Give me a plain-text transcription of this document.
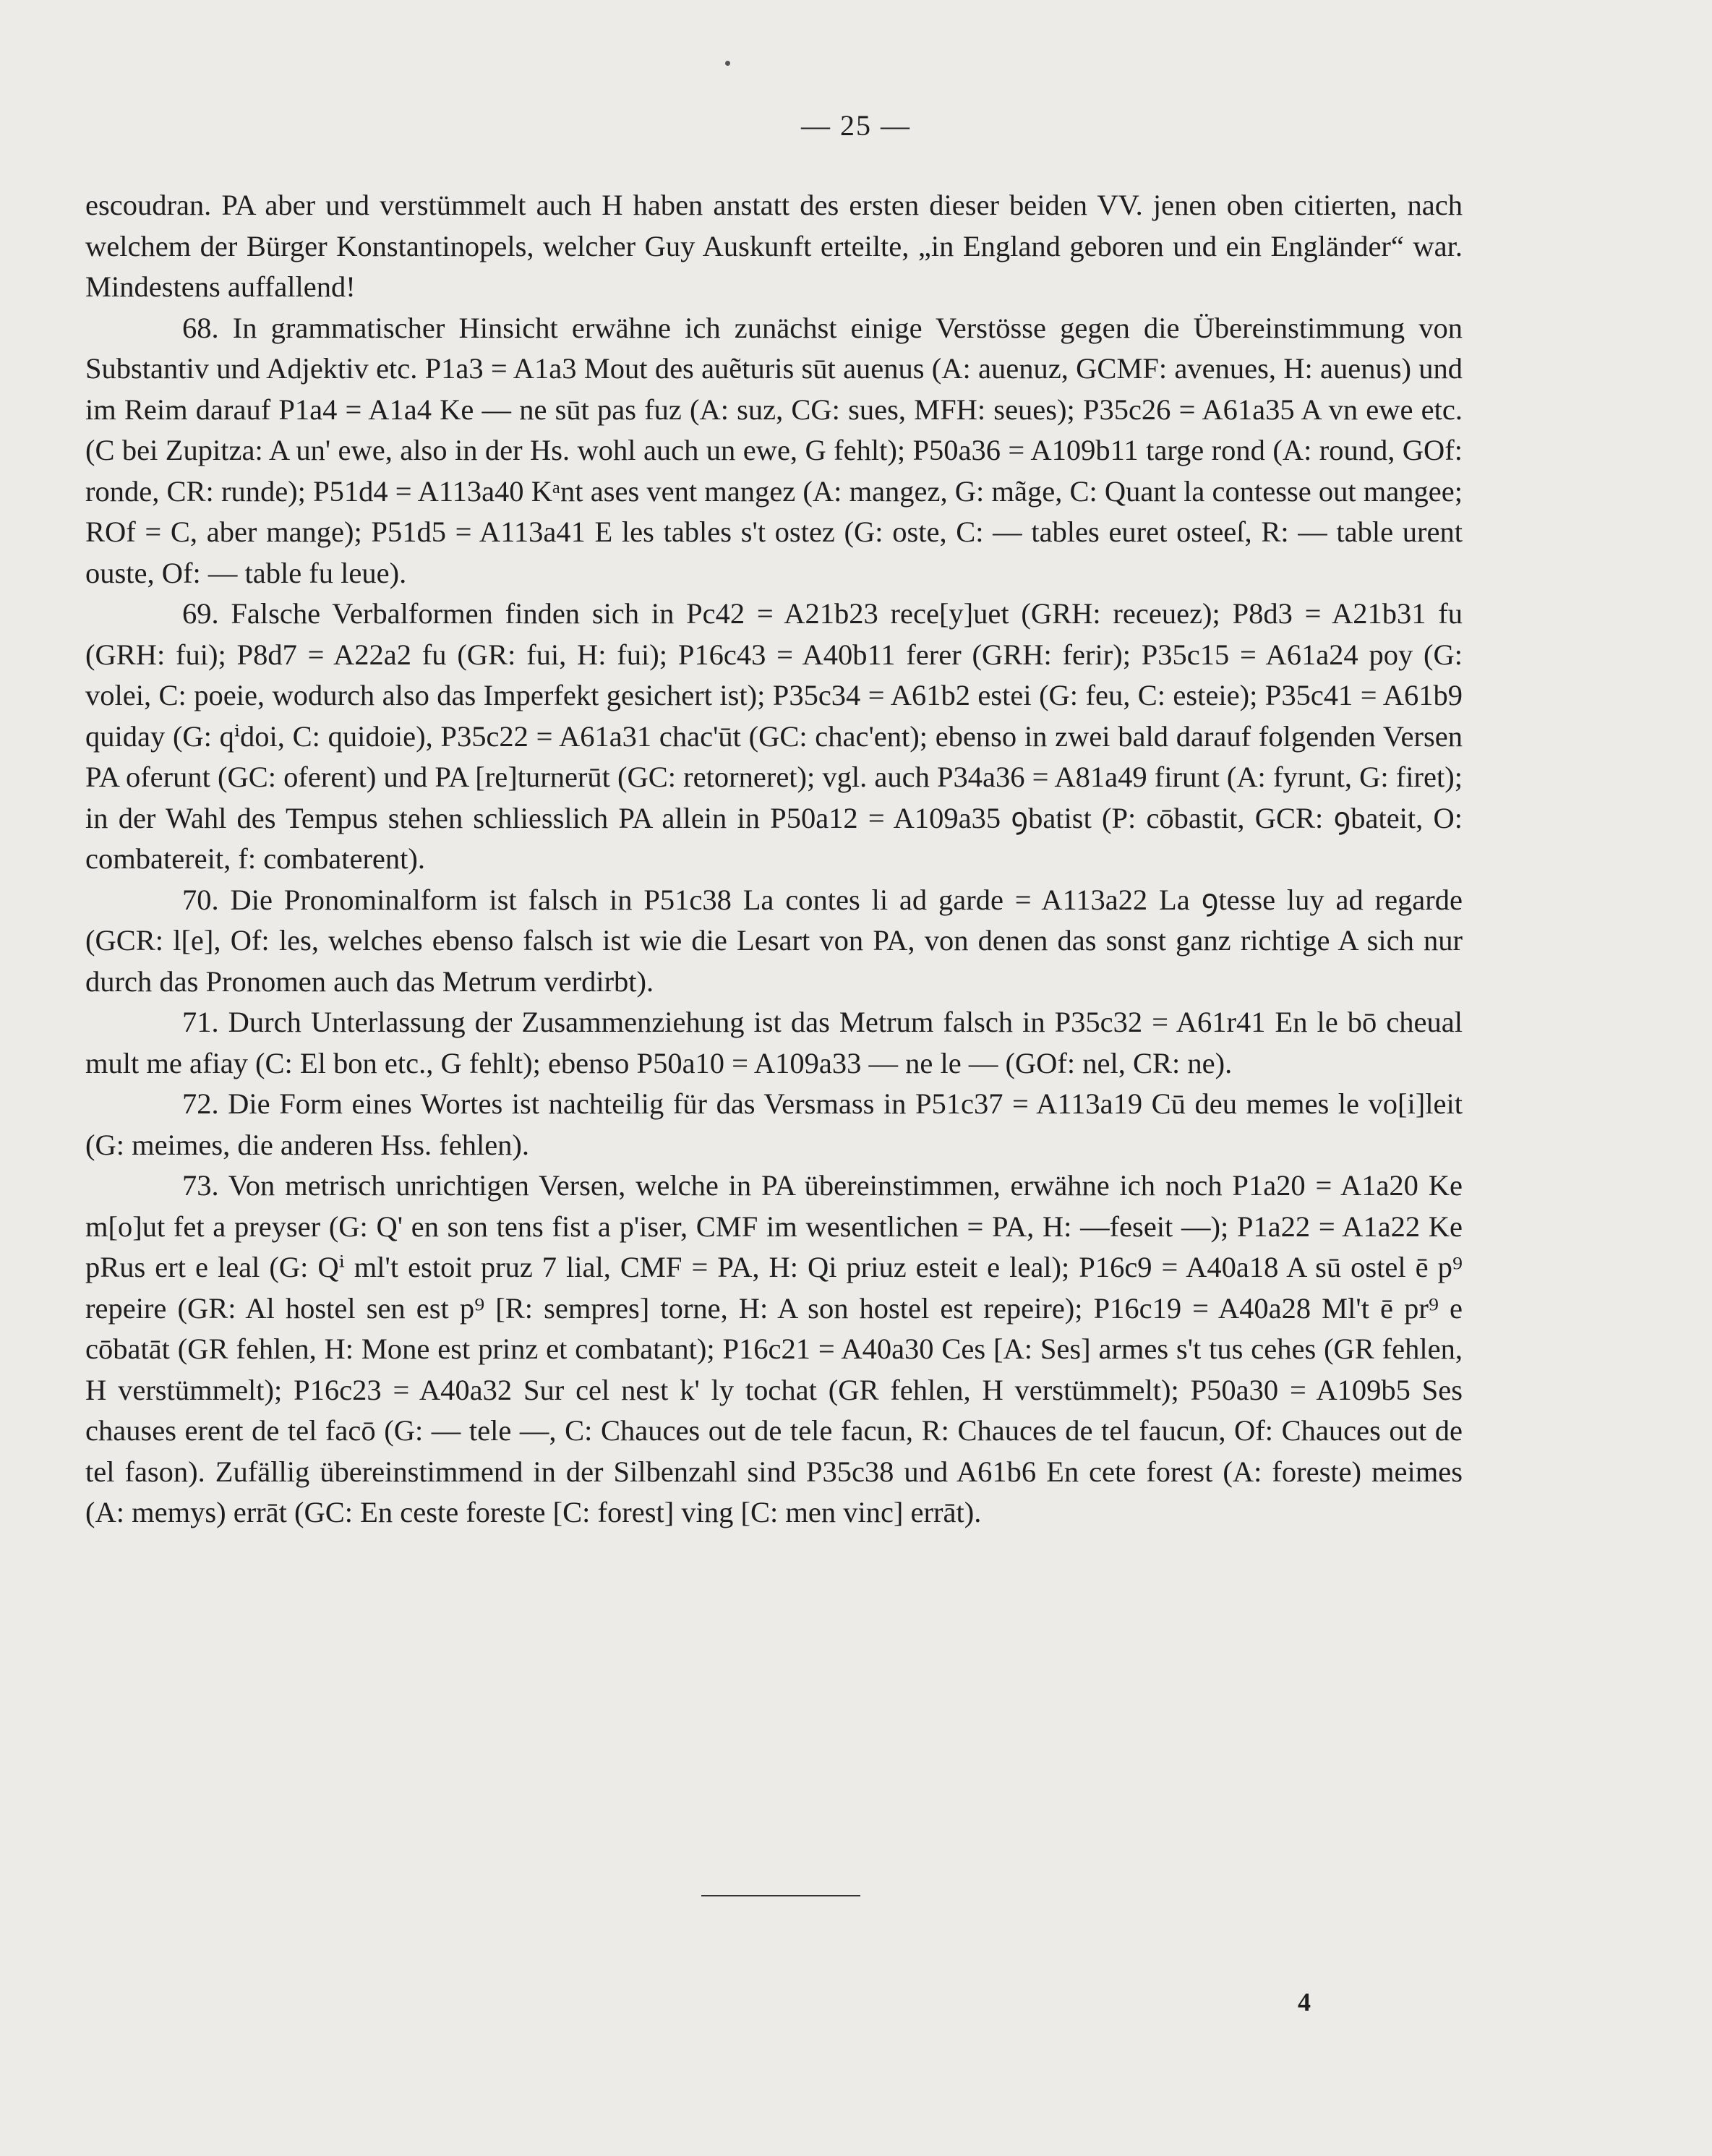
— 25 —

escoudran. PA aber und verstümmelt auch H haben anstatt des ersten dieser beiden VV. jenen oben citierten, nach welchem der Bürger Konstantinopels, welcher Guy Auskunft erteilte, „in England geboren und ein Engländer“ war. Mindestens auffallend!

68. In grammatischer Hinsicht erwähne ich zunächst einige Verstösse gegen die Übereinstimmung von Substantiv und Adjektiv etc. P1a3 = A1a3 Mout des auẽturis sūt auenus (A: auenuz, GCMF: avenues, H: auenus) und im Reim darauf P1a4 = A1a4 Ke — ne sūt pas fuz (A: suz, CG: sues, MFH: seues); P35c26 = A61a35 A vn ewe etc. (C bei Zupitza: A un' ewe, also in der Hs. wohl auch un ewe, G fehlt); P50a36 = A109b11 targe rond (A: round, GOf: ronde, CR: runde); P51d4 = A113a40 Kᵃnt ases vent mangez (A: mangez, G: mãge, C: Quant la contesse out mangee; ROf = C, aber mange); P51d5 = A113a41 E les tables s't ostez (G: oste, C: — tables euret osteeſ, R: — table urent ouste, Of: — table fu leue).

69. Falsche Verbalformen finden sich in Pc42 = A21b23 rece[y]uet (GRH: receuez); P8d3 = A21b31 fu (GRH: fui); P8d7 = A22a2 fu (GR: fui, H: fui); P16c43 = A40b11 ferer (GRH: ferir); P35c15 = A61a24 poy (G: volei, C: poeie, wodurch also das Imperfekt gesichert ist); P35c34 = A61b2 estei (G: feu, C: esteie); P35c41 = A61b9 quiday (G: qⁱdoi, C: quidoie), P35c22 = A61a31 chac'ūt (GC: chac'ent); ebenso in zwei bald darauf folgenden Versen PA oferunt (GC: oferent) und PA [re]turnerūt (GC: retorneret); vgl. auch P34a36 = A81a49 firunt (A: fyrunt, G: firet); in der Wahl des Tempus stehen schliesslich PA allein in P50a12 = A109a35 ꝯbatist (P: cōbastit, GCR: ꝯbateit, O: combatereit, f: combaterent).

70. Die Pronominalform ist falsch in P51c38 La contes li ad garde = A113a22 La ꝯtesse luy ad regarde (GCR: l[e], Of: les, welches ebenso falsch ist wie die Lesart von PA, von denen das sonst ganz richtige A sich nur durch das Pronomen auch das Metrum verdirbt).

71. Durch Unterlassung der Zusammenziehung ist das Metrum falsch in P35c32 = A61r41 En le bō cheual mult me afiay (C: El bon etc., G fehlt); ebenso P50a10 = A109a33 — ne le — (GOf: nel, CR: ne).

72. Die Form eines Wortes ist nachteilig für das Versmass in P51c37 = A113a19 Cū deu memes le vo[i]leit (G: meimes, die anderen Hss. fehlen).

73. Von metrisch unrichtigen Versen, welche in PA übereinstimmen, erwähne ich noch P1a20 = A1a20 Ke m[o]ut fet a preyser (G: Q' en son tens fist a p'iser, CMF im wesentlichen = PA, H: —feseit —); P1a22 = A1a22 Ke pRus ert e leal (G: Qⁱ ml't estoit pruz 7 lial, CMF = PA, H: Qi priuz esteit e leal); P16c9 = A40a18 A sū ostel ē p⁹ repeire (GR: Al hostel sen est p⁹ [R: sempres] torne, H: A son hostel est repeire); P16c19 = A40a28 Ml't ē pr⁹ e cōbatāt (GR fehlen, H: Mone est prinz et combatant); P16c21 = A40a30 Ces [A: Ses] armes s't tus cehes (GR fehlen, H verstümmelt); P16c23 = A40a32 Sur cel nest k' ly tochat (GR fehlen, H verstümmelt); P50a30 = A109b5 Ses chauses erent de tel facō (G: — tele —, C: Chauces out de tele facun, R: Chauces de tel faucun, Of: Chauces out de tel fason). Zufällig übereinstimmend in der Silbenzahl sind P35c38 und A61b6 En cete forest (A: foreste) meimes (A: memys) errāt (GC: En ceste foreste [C: forest] ving [C: men vinc] errāt).

4
